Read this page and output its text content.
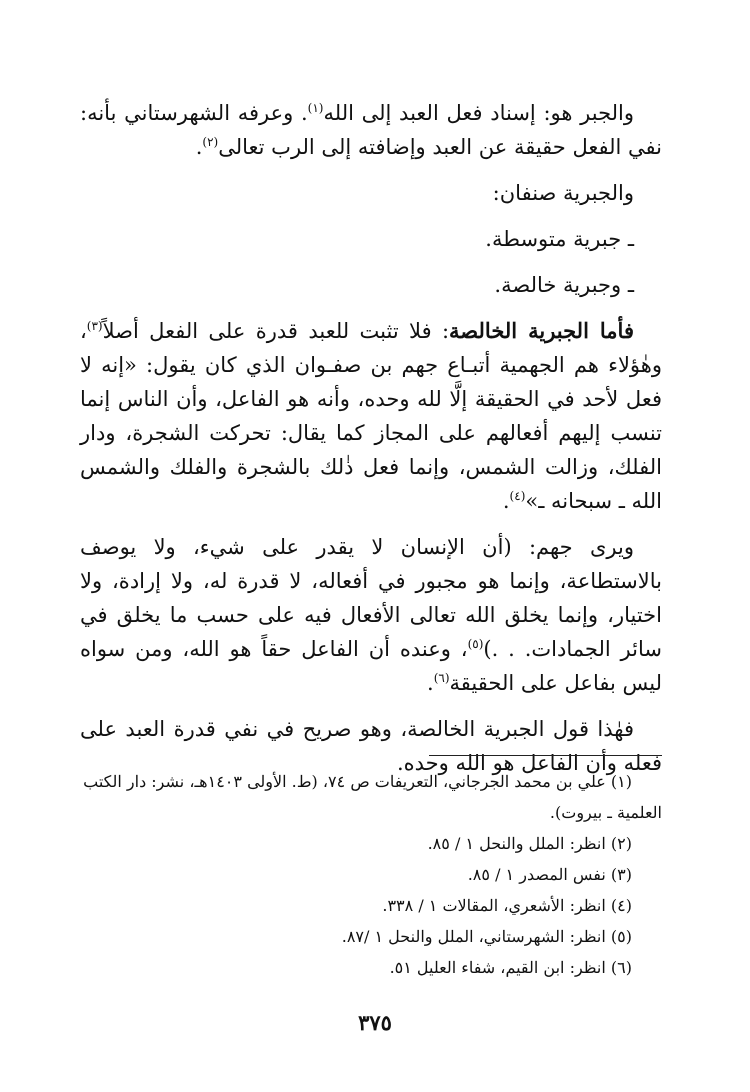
والجبر هو: إسناد فعل العبد إلى الله$^{(١)}$. وعرفه الشهرستاني بأنه: نفي الفعل حقيقة عن العبد وإضافته إلى الرب تعالى$^{(٢)}$.

والجبرية صنفان:

ـ جبرية متوسطة.

ـ وجبرية خالصة.

فأما الجبرية الخالصة: فلا تثبت للعبد قدرة على الفعل أصلاً$^{(٣)}$، وهٰؤلاء هم الجهمية أتبـاع جهم بن صفـوان الذي كان يقول: «إنه لا فعل لأحد في الحقيقة إلَّا لله وحده، وأنه هو الفاعل، وأن الناس إنما تنسب إليهم أفعالهم على المجاز كما يقال: تحركت الشجرة، ودار الفلك، وزالت الشمس، وإنما فعل ذٰلك بالشجرة والفلك والشمس الله ـ سبحانه ـ»$^{(٤)}$.

ويرى جهم: (أن الإنسان لا يقدر على شيء، ولا يوصف بالاستطاعة، وإنما هو مجبور في أفعاله، لا قدرة له، ولا إرادة، ولا اختيار، وإنما يخلق الله تعالى الأفعال فيه على حسب ما يخلق في سائر الجمادات. . .)$^{(٥)}$، وعنده أن الفاعل حقاً هو الله، ومن سواه ليس بفاعل على الحقيقة$^{(٦)}$.

فهٰذا قول الجبرية الخالصة، وهو صريح في نفي قدرة العبد على فعله وأن الفاعل هو الله وحده.

(١) علي بن محمد الجرجاني، التعريفات ص ٧٤، (ط. الأولى ١٤٠٣هـ، نشر: دار الكتب العلمية ـ بيروت).

(٢) انظر: الملل والنحل ١ / ٨٥.

(٣) نفس المصدر ١ / ٨٥.

(٤) انظر: الأشعري، المقالات ١ / ٣٣٨.

(٥) انظر: الشهرستاني، الملل والنحل ١ /٨٧.

(٦) انظر: ابن القيم، شفاء العليل ٥١.

٣٧٥
